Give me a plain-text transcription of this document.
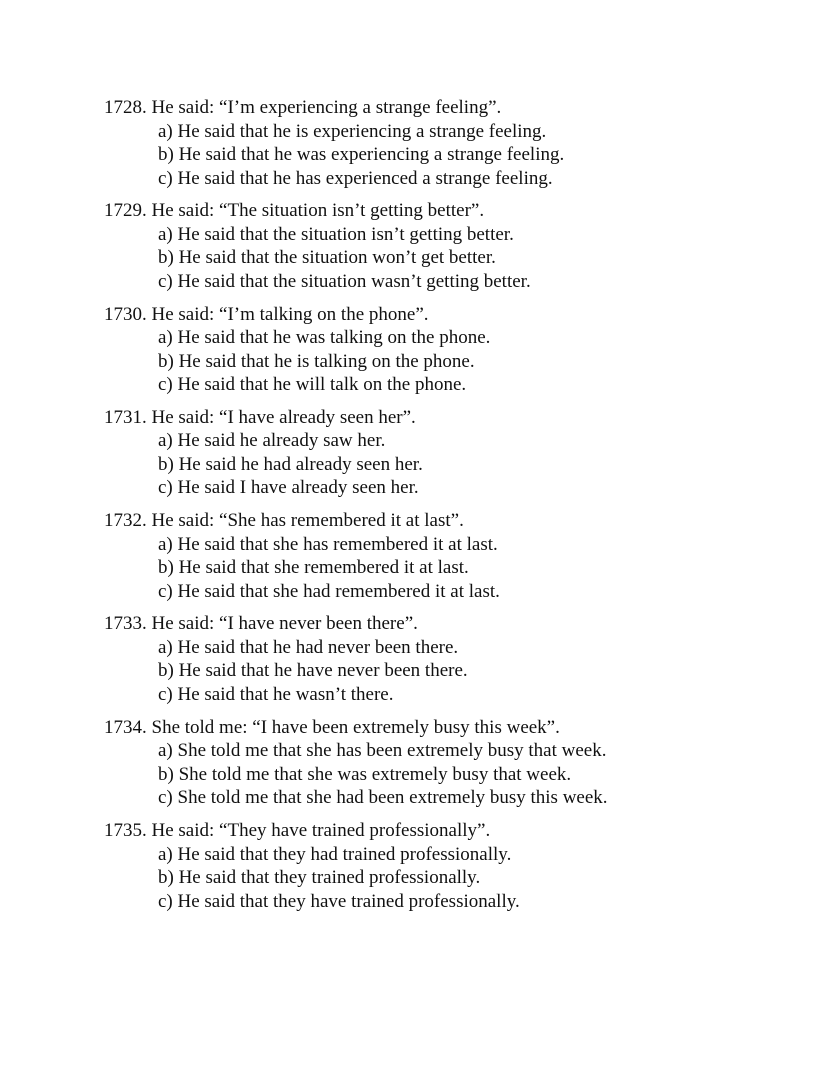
1728. He said: “I’m experiencing a strange feeling”.
a) He said that he is experiencing a strange feeling.
b) He said that he was experiencing a strange feeling.
c) He said that he has experienced a strange feeling.
1729. He said: “The situation isn’t getting better”.
a) He said that the situation isn’t getting better.
b) He said that the situation won’t get better.
c) He said that the situation wasn’t getting better.
1730. He said: “I’m talking on the phone”.
a) He said that he was talking on the phone.
b) He said that he is talking on the phone.
c) He said that he will talk on the phone.
1731. He said: “I have already seen her”.
a) He said he already saw her.
b) He said he had already seen her.
c) He said I have already seen her.
1732. He said: “She has remembered it at last”.
a) He said that she has remembered it at last.
b) He said that she remembered it at last.
c) He said that she had remembered it at last.
1733. He said: “I have never been there”.
a) He said that he had never been there.
b) He said that he have never been there.
c) He said that he wasn’t there.
1734. She told me: “I have been extremely busy this week”.
a) She told me that she has been extremely busy that week.
b) She told me that she was extremely busy that week.
c) She told me that she had been extremely busy this week.
1735. He said: “They have trained professionally”.
a) He said that they had trained professionally.
b) He said that they trained professionally.
c) He said that they have trained professionally.
